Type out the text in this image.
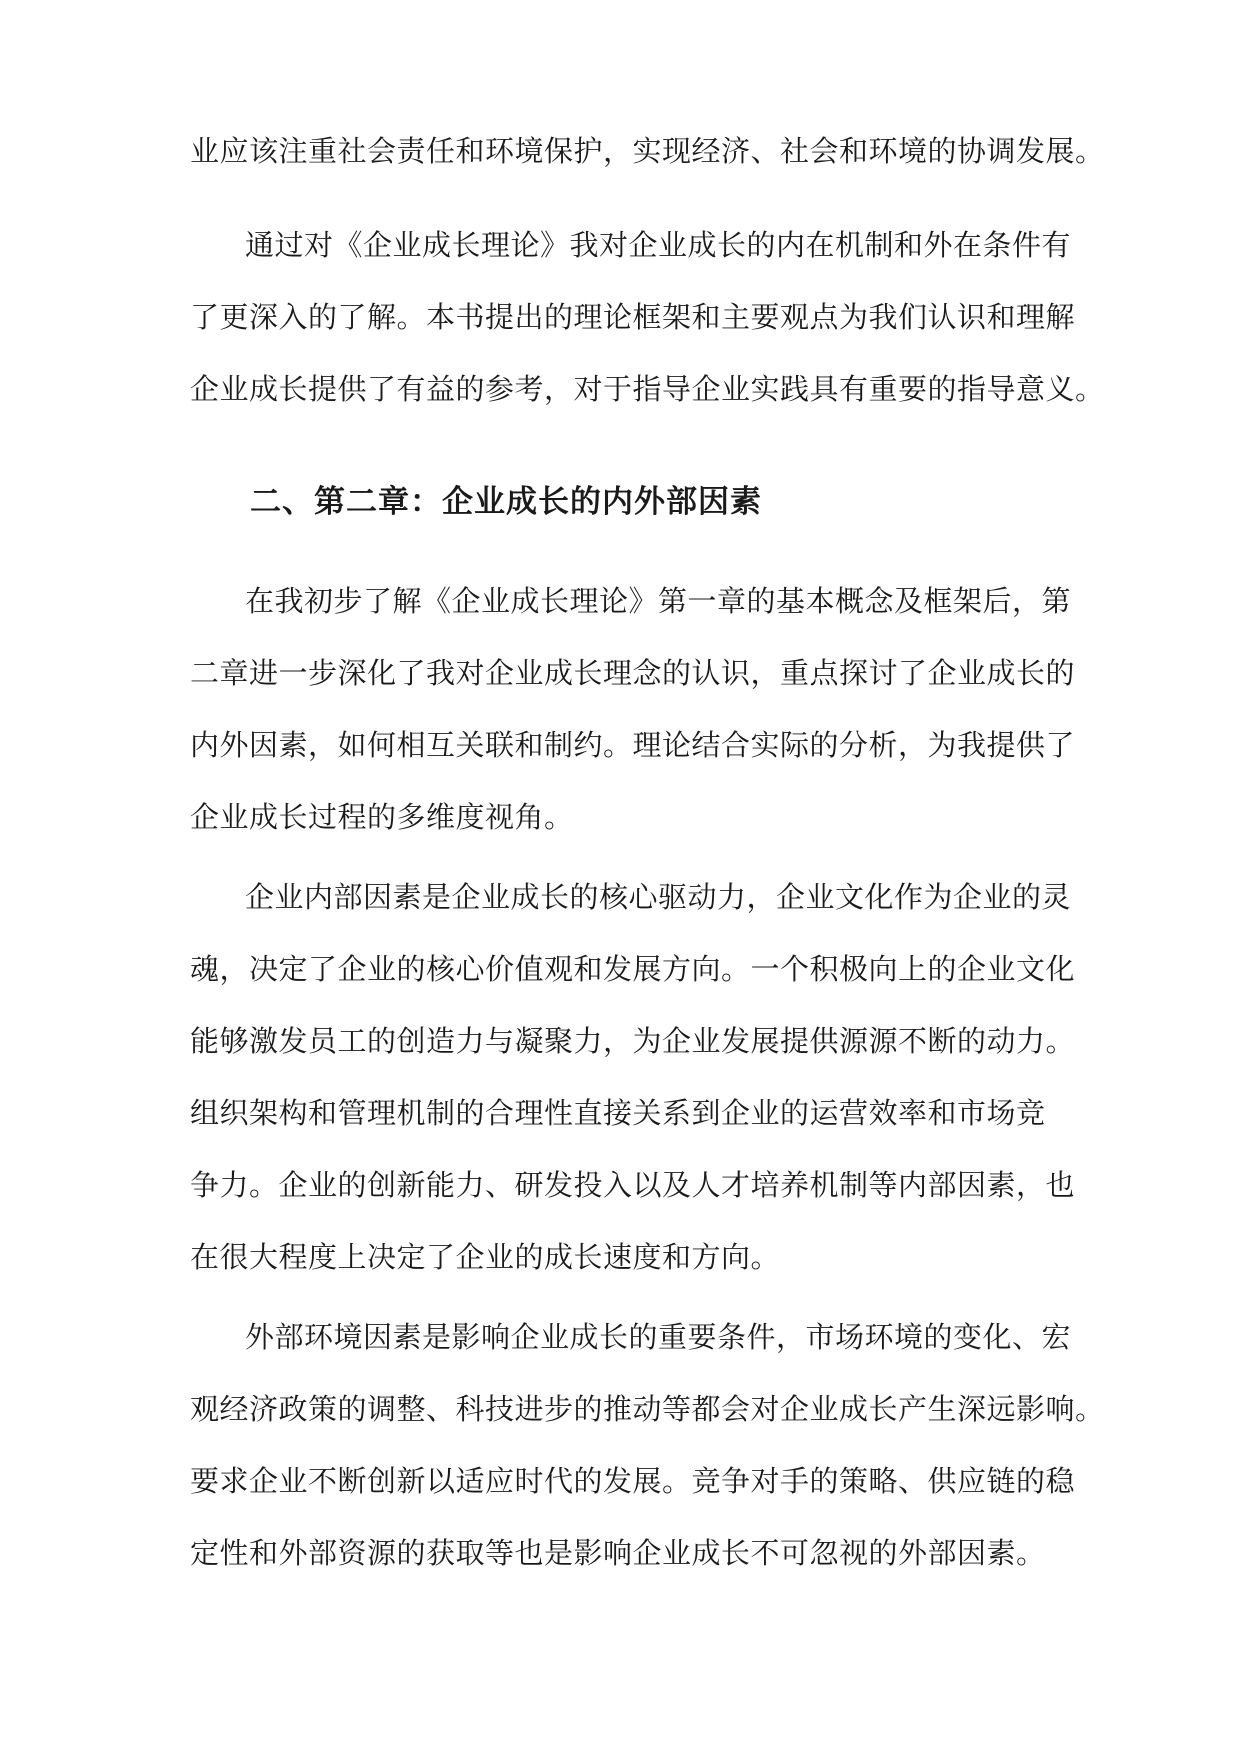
业应该注重社会责任和环境保护，实现经济、社会和环境的协调发展。
通过对《企业成长理论》我对企业成长的内在机制和外在条件有
了更深入的了解。本书提出的理论框架和主要观点为我们认识和理解
企业成长提供了有益的参考，对于指导企业实践具有重要的指导意义。
二、第二章：企业成长的内外部因素
在我初步了解《企业成长理论》第一章的基本概念及框架后，第
二章进一步深化了我对企业成长理念的认识，重点探讨了企业成长的
内外因素，如何相互关联和制约。理论结合实际的分析，为我提供了
企业成长过程的多维度视角。
企业内部因素是企业成长的核心驱动力，企业文化作为企业的灵
魂，决定了企业的核心价值观和发展方向。一个积极向上的企业文化
能够激发员工的创造力与凝聚力，为企业发展提供源源不断的动力。
组织架构和管理机制的合理性直接关系到企业的运营效率和市场竞
争力。企业的创新能力、研发投入以及人才培养机制等内部因素，也
在很大程度上决定了企业的成长速度和方向。
外部环境因素是影响企业成长的重要条件，市场环境的变化、宏
观经济政策的调整、科技进步的推动等都会对企业成长产生深远影响。
要求企业不断创新以适应时代的发展。竞争对手的策略、供应链的稳
定性和外部资源的获取等也是影响企业成长不可忽视的外部因素。
